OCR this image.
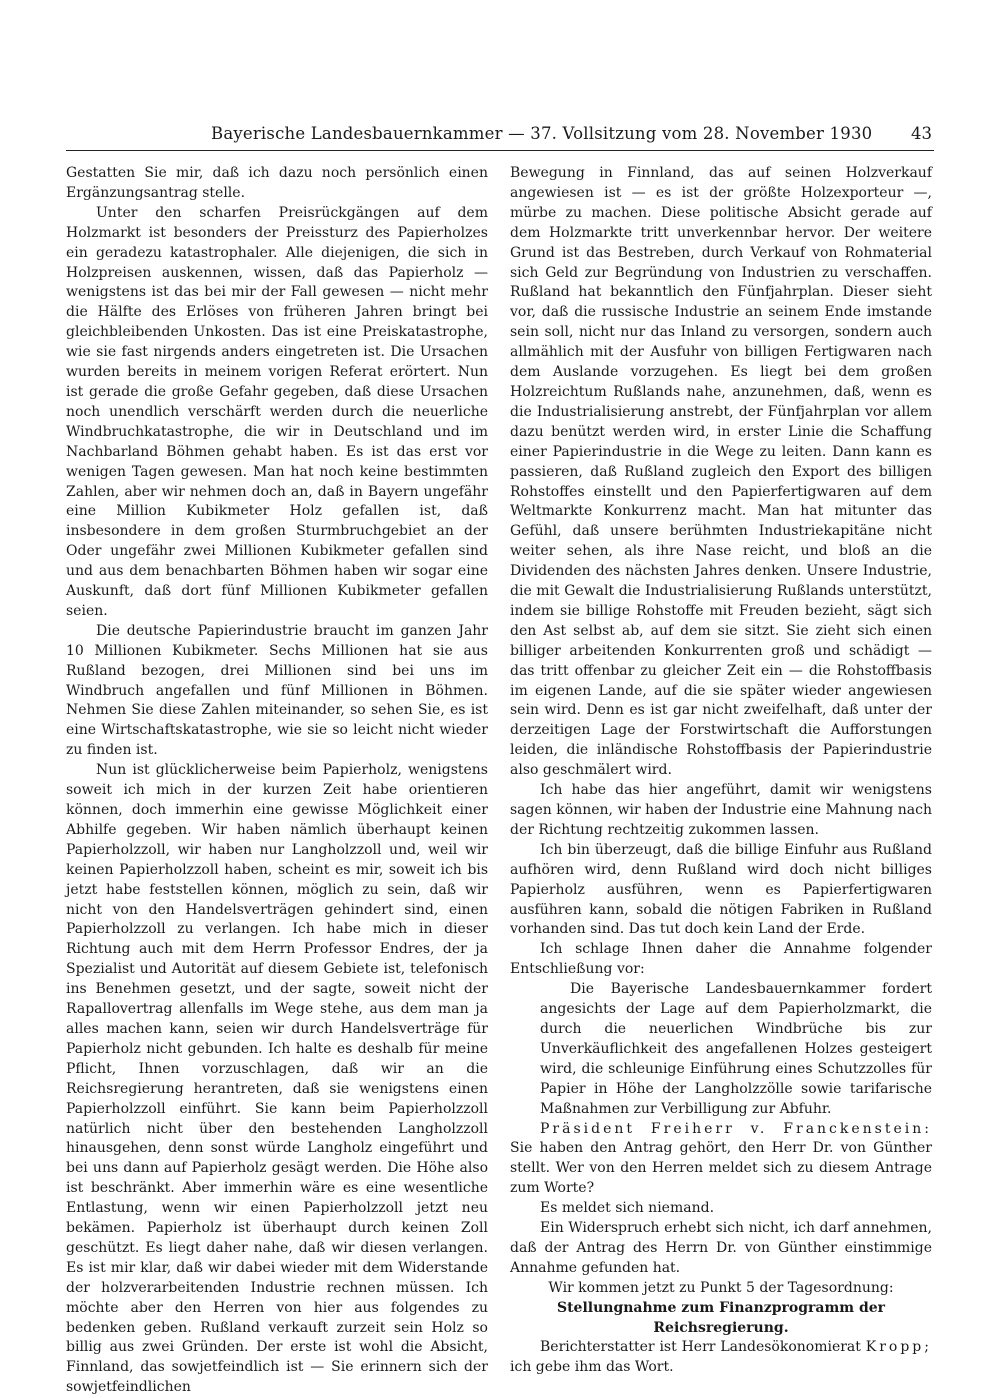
Bayerische Landesbauernkammer — 37. Vollsitzung vom 28. November 1930 43

Gestatten Sie mir, daß ich dazu noch persönlich einen Ergänzungsantrag stelle.

Unter den scharfen Preisrückgängen auf dem Holzmarkt ist besonders der Preissturz des Papierholzes ein geradezu katastrophaler. Alle diejenigen, die sich in Holzpreisen auskennen, wissen, daß das Papierholz — wenigstens ist das bei mir der Fall gewesen — nicht mehr die Hälfte des Erlöses von früheren Jahren bringt bei gleichbleibenden Unkosten. Das ist eine Preiskatastrophe, wie sie fast nirgends anders eingetreten ist. Die Ursachen wurden bereits in meinem vorigen Referat erörtert. Nun ist gerade die große Gefahr gegeben, daß diese Ursachen noch unendlich verschärft werden durch die neuerliche Windbruchkatastrophe, die wir in Deutschland und im Nachbarland Böhmen gehabt haben. Es ist das erst vor wenigen Tagen gewesen. Man hat noch keine bestimmten Zahlen, aber wir nehmen doch an, daß in Bayern ungefähr eine Million Kubikmeter Holz gefallen ist, daß insbesondere in dem großen Sturmbruchgebiet an der Oder ungefähr zwei Millionen Kubikmeter gefallen sind und aus dem benachbarten Böhmen haben wir sogar eine Auskunft, daß dort fünf Millionen Kubikmeter gefallen seien.

Die deutsche Papierindustrie braucht im ganzen Jahr 10 Millionen Kubikmeter. Sechs Millionen hat sie aus Rußland bezogen, drei Millionen sind bei uns im Windbruch angefallen und fünf Millionen in Böhmen. Nehmen Sie diese Zahlen miteinander, so sehen Sie, es ist eine Wirtschaftskatastrophe, wie sie so leicht nicht wieder zu finden ist.

Nun ist glücklicherweise beim Papierholz, wenigstens soweit ich mich in der kurzen Zeit habe orientieren können, doch immerhin eine gewisse Möglichkeit einer Abhilfe gegeben. Wir haben nämlich überhaupt keinen Papierholzzoll, wir haben nur Langholzzoll und, weil wir keinen Papierholzzoll haben, scheint es mir, soweit ich bis jetzt habe feststellen können, möglich zu sein, daß wir nicht von den Handelsverträgen gehindert sind, einen Papierholzzoll zu verlangen. Ich habe mich in dieser Richtung auch mit dem Herrn Professor Endres, der ja Spezialist und Autorität auf diesem Gebiete ist, telefonisch ins Benehmen gesetzt, und der sagte, soweit nicht der Rapallovertrag allenfalls im Wege stehe, aus dem man ja alles machen kann, seien wir durch Handelsverträge für Papierholz nicht gebunden. Ich halte es deshalb für meine Pflicht, Ihnen vorzuschlagen, daß wir an die Reichsregierung herantreten, daß sie wenigstens einen Papierholzzoll einführt. Sie kann beim Papierholzzoll natürlich nicht über den bestehenden Langholzzoll hinausgehen, denn sonst würde Langholz eingeführt und bei uns dann auf Papierholz gesägt werden. Die Höhe also ist beschränkt. Aber immerhin wäre es eine wesentliche Entlastung, wenn wir einen Papierholzzoll jetzt neu bekämen. Papierholz ist überhaupt durch keinen Zoll geschützt. Es liegt daher nahe, daß wir diesen verlangen. Es ist mir klar, daß wir dabei wieder mit dem Widerstande der holzverarbeitenden Industrie rechnen müssen. Ich möchte aber den Herren von hier aus folgendes zu bedenken geben. Rußland verkauft zurzeit sein Holz so billig aus zwei Gründen. Der erste ist wohl die Absicht, Finnland, das sowjetfeindlich ist — Sie erinnern sich der sowjetfeindlichen

Bewegung in Finnland, das auf seinen Holzverkauf angewiesen ist — es ist der größte Holzexporteur —, mürbe zu machen. Diese politische Absicht gerade auf dem Holzmarkte tritt unverkennbar hervor. Der weitere Grund ist das Bestreben, durch Verkauf von Rohmaterial sich Geld zur Begründung von Industrien zu verschaffen. Rußland hat bekanntlich den Fünfjahrplan. Dieser sieht vor, daß die russische Industrie an seinem Ende imstande sein soll, nicht nur das Inland zu versorgen, sondern auch allmählich mit der Ausfuhr von billigen Fertigwaren nach dem Auslande vorzugehen. Es liegt bei dem großen Holzreichtum Rußlands nahe, anzunehmen, daß, wenn es die Industrialisierung anstrebt, der Fünfjahrplan vor allem dazu benützt werden wird, in erster Linie die Schaffung einer Papierindustrie in die Wege zu leiten. Dann kann es passieren, daß Rußland zugleich den Export des billigen Rohstoffes einstellt und den Papierfertigwaren auf dem Weltmarkte Konkurrenz macht. Man hat mitunter das Gefühl, daß unsere berühmten Industriekapitäne nicht weiter sehen, als ihre Nase reicht, und bloß an die Dividenden des nächsten Jahres denken. Unsere Industrie, die mit Gewalt die Industrialisierung Rußlands unterstützt, indem sie billige Rohstoffe mit Freuden bezieht, sägt sich den Ast selbst ab, auf dem sie sitzt. Sie zieht sich einen billiger arbeitenden Konkurrenten groß und schädigt — das tritt offenbar zu gleicher Zeit ein — die Rohstoffbasis im eigenen Lande, auf die sie später wieder angewiesen sein wird. Denn es ist gar nicht zweifelhaft, daß unter der derzeitigen Lage der Forstwirtschaft die Aufforstungen leiden, die inländische Rohstoffbasis der Papierindustrie also geschmälert wird.

Ich habe das hier angeführt, damit wir wenigstens sagen können, wir haben der Industrie eine Mahnung nach der Richtung rechtzeitig zukommen lassen.

Ich bin überzeugt, daß die billige Einfuhr aus Rußland aufhören wird, denn Rußland wird doch nicht billiges Papierholz ausführen, wenn es Papierfertigwaren ausführen kann, sobald die nötigen Fabriken in Rußland vorhanden sind. Das tut doch kein Land der Erde.

Ich schlage Ihnen daher die Annahme folgender Entschließung vor:

Die Bayerische Landesbauernkammer fordert angesichts der Lage auf dem Papierholzmarkt, die durch die neuerlichen Windbrüche bis zur Unverkäuflichkeit des angefallenen Holzes gesteigert wird, die schleunige Einführung eines Schutzzolles für Papier in Höhe der Langholzzölle sowie tarifarische Maßnahmen zur Verbilligung zur Abfuhr.

Präsident Freiherr v. Franckenstein: Sie haben den Antrag gehört, den Herr Dr. von Günther stellt. Wer von den Herren meldet sich zu diesem Antrage zum Worte?

Es meldet sich niemand.

Ein Widerspruch erhebt sich nicht, ich darf annehmen, daß der Antrag des Herrn Dr. von Günther einstimmige Annahme gefunden hat.

Wir kommen jetzt zu Punkt 5 der Tagesordnung:

Stellungnahme zum Finanzprogramm der Reichsregierung.

Berichterstatter ist Herr Landesökonomierat Kropp; ich gebe ihm das Wort.
